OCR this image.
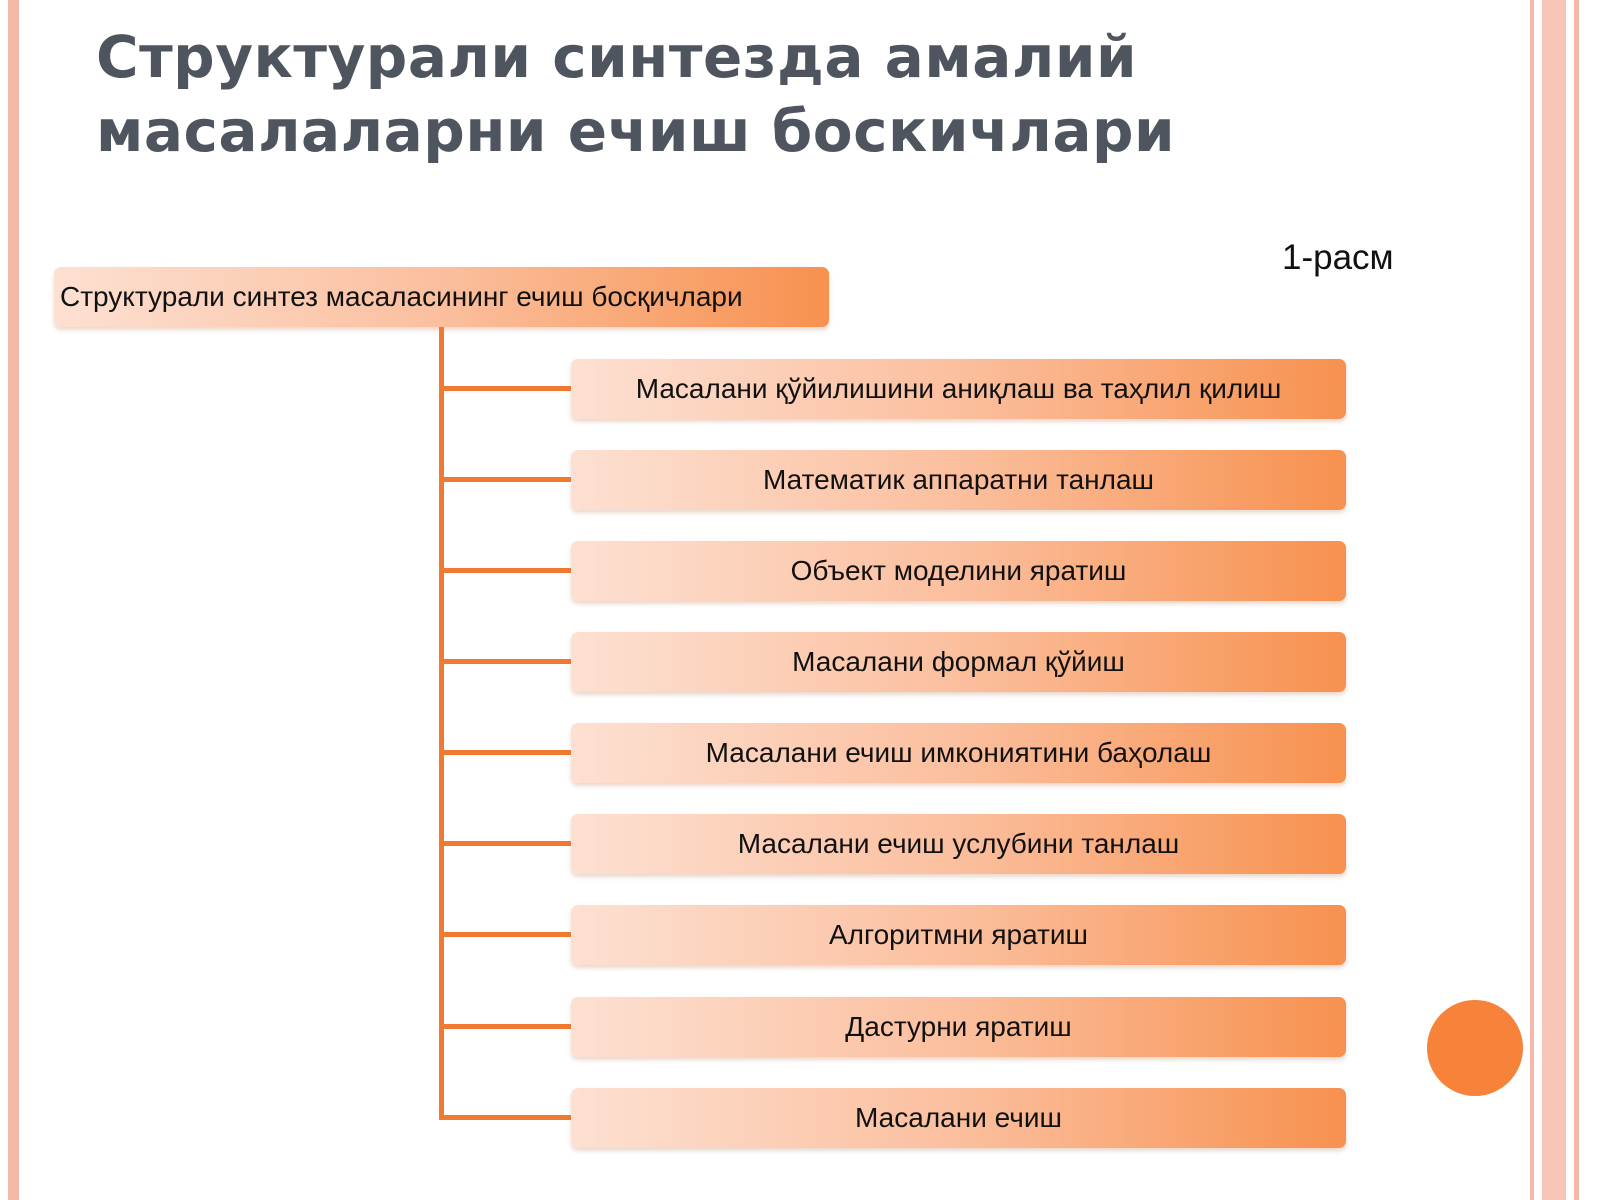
Структурали синтезда амалий
масалаларни ечиш боскичлари
1-расм
Структурали синтез масаласининг ечиш босқичлари
Масалани қўйилишини аниқлаш ва таҳлил қилиш
Математик аппаратни танлаш
Объект моделини яратиш
Масалани формал қўйиш
Масалани ечиш имкониятини баҳолаш
Масалани ечиш услубини танлаш
Алгоритмни яратиш
Дастурни яратиш
Масалани ечиш
